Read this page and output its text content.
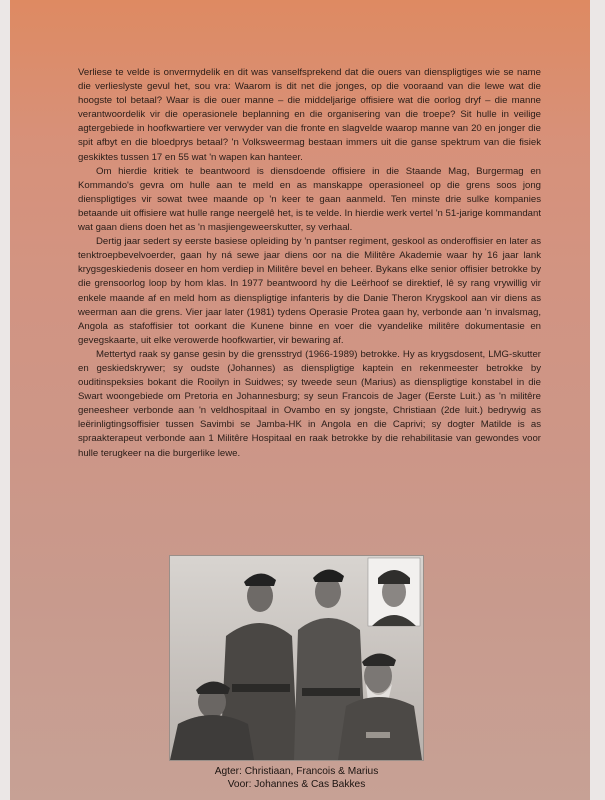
Verliese te velde is onvermydelik en dit was vanselfsprekend dat die ouers van dienspligtiges wie se name die verlieslyste gevul het, sou vra: Waarom is dit net die jonges, op die vooraand van die lewe wat die hoogste tol betaal? Waar is die ouer manne – die middeljarige offisiere wat die oorlog dryf – die manne verantwoordelik vir die operasionele beplanning en die organisering van die troepe? Sit hulle in veilige agtergebiede in hoofkwartiere ver verwyder van die fronte en slagvelde waarop manne van 20 en jonger die spit afbyt en die bloedprys betaal? 'n Volksweermag bestaan immers uit die ganse spektrum van die fisiek geskiktes tussen 17 en 55 wat 'n wapen kan hanteer.

Om hierdie kritiek te beantwoord is diensdoende offisiere in die Staande Mag, Burgermag en Kommando's gevra om hulle aan te meld en as manskappe operasioneel op die grens soos jong dienspligtiges vir sowat twee maande op 'n keer te gaan aanmeld. Ten minste drie sulke kompanies betaande uit offisiere wat hulle range neergelê het, is te velde. In hierdie werk vertel 'n 51-jarige kommandant wat gaan diens doen het as 'n masjiengeweerskutter, sy verhaal.

Dertig jaar sedert sy eerste basiese opleiding by 'n pantser regiment, geskool as onderoffisier en later as tenktroepbevelvoerder, gaan hy ná sewe jaar diens oor na die Militêre Akademie waar hy 16 jaar lank krygsgeskiedenis doseer en hom verdiep in Militêre bevel en beheer. Bykans elke senior offisier betrokke by die grensoorlog loop by hom klas. In 1977 beantwoord hy die Leërhoof se direktief, lê sy rang vrywillig vir enkele maande af en meld hom as dienspligtige infanteris by die Danie Theron Krygskool aan vir diens as weerman aan die grens. Vier jaar later (1981) tydens Operasie Protea gaan hy, verbonde aan 'n invalsmag, Angola as stafoffisier tot oorkant die Kunene binne en voer die vyandelike militêre dokumentasie en gevegskaarte, uit elke verowerde hoofkwartier, vir bewaring af.

Mettertyd raak sy ganse gesin by die grensstryd (1966-1989) betrokke. Hy as krygsdosent, LMG-skutter en geskiedskrywer; sy oudste (Johannes) as dienspligtige kaptein en rekenmeester betrokke by ouditinspeksies bokant die Rooilyn in Suidwes; sy tweede seun (Marius) as dienspligtige konstabel in die Swart woongebiede om Pretoria en Johannesburg; sy seun Francois de Jager (Eerste Luit.) as 'n militêre geneesheer verbonde aan 'n veldhospitaal in Ovambo en sy jongste, Christiaan (2de luit.) bedrywig as leërinligtingsoffisier tussen Savimbi se Jamba-HK in Angola en die Caprivi; sy dogter Matilde is as spraakterapeut verbonde aan 1 Militêre Hospitaal en raak betrokke by die rehabilitasie van gewondes voor hulle terugkeer na die burgerlike lewe.

Agter: Christiaan, Francois & Marius
Voor: Johannes & Cas Bakkes
